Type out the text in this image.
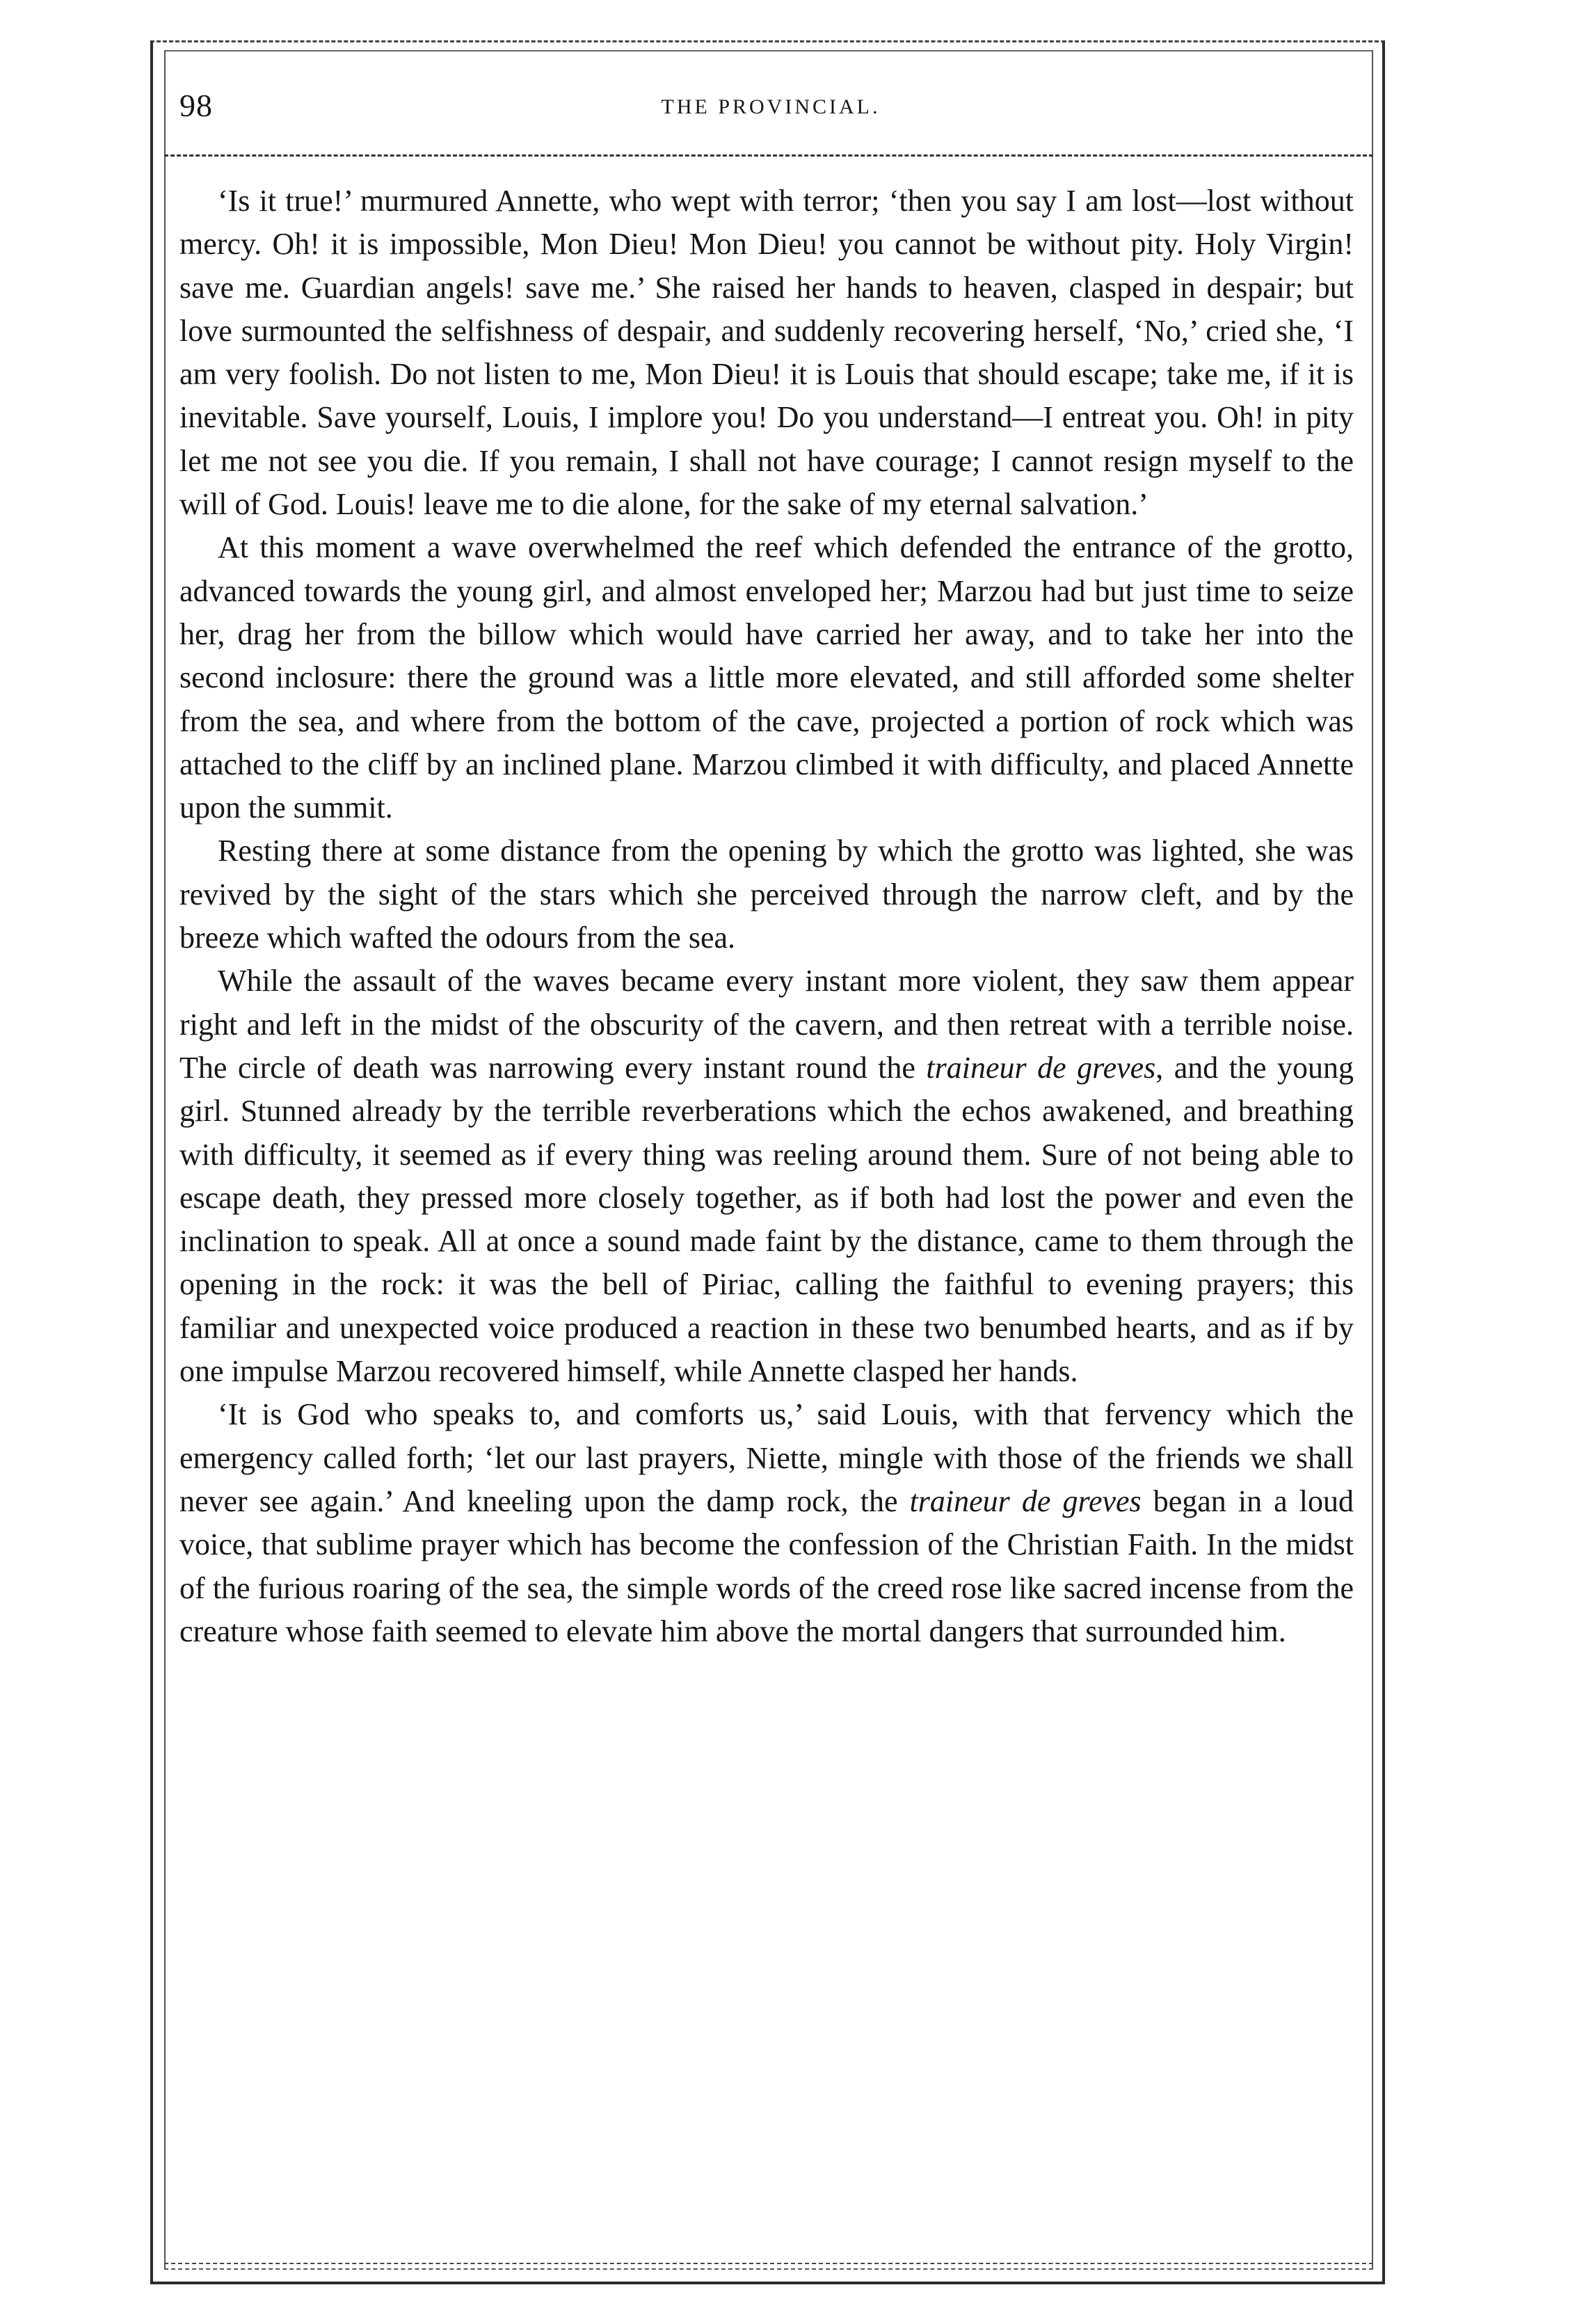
98	THE PROVINCIAL.

‘Is it true!’ murmured Annette, who wept with terror; ‘then you say I am lost—lost without mercy. Oh! it is impossible, Mon Dieu! Mon Dieu! you cannot be without pity. Holy Virgin! save me. Guardian angels! save me.’ She raised her hands to heaven, clasped in despair; but love surmounted the selfishness of despair, and suddenly recovering herself, ‘No,’ cried she, ‘I am very foolish. Do not listen to me, Mon Dieu! it is Louis that should escape; take me, if it is inevitable. Save yourself, Louis, I implore you! Do you understand—I entreat you. Oh! in pity let me not see you die. If you remain, I shall not have courage; I cannot resign myself to the will of God. Louis! leave me to die alone, for the sake of my eternal salvation.’

At this moment a wave overwhelmed the reef which defended the entrance of the grotto, advanced towards the young girl, and almost enveloped her; Marzou had but just time to seize her, drag her from the billow which would have carried her away, and to take her into the second inclosure: there the ground was a little more elevated, and still afforded some shelter from the sea, and where from the bottom of the cave, projected a portion of rock which was attached to the cliff by an inclined plane. Marzou climbed it with difficulty, and placed Annette upon the summit.

Resting there at some distance from the opening by which the grotto was lighted, she was revived by the sight of the stars which she perceived through the narrow cleft, and by the breeze which wafted the odours from the sea.

While the assault of the waves became every instant more violent, they saw them appear right and left in the midst of the obscurity of the cavern, and then retreat with a terrible noise. The circle of death was narrowing every instant round the traineur de greves, and the young girl. Stunned already by the terrible reverberations which the echos awakened, and breathing with difficulty, it seemed as if every thing was reeling around them. Sure of not being able to escape death, they pressed more closely together, as if both had lost the power and even the inclination to speak. All at once a sound made faint by the distance, came to them through the opening in the rock: it was the bell of Piriac, calling the faithful to evening prayers; this familiar and unexpected voice produced a reaction in these two benumbed hearts, and as if by one impulse Marzou recovered himself, while Annette clasped her hands.

‘It is God who speaks to, and comforts us,’ said Louis, with that fervency which the emergency called forth; ‘let our last prayers, Niette, mingle with those of the friends we shall never see again.’ And kneeling upon the damp rock, the traineur de greves began in a loud voice, that sublime prayer which has become the confession of the Christian Faith. In the midst of the furious roaring of the sea, the simple words of the creed rose like sacred incense from the creature whose faith seemed to elevate him above the mortal dangers that surrounded him.
